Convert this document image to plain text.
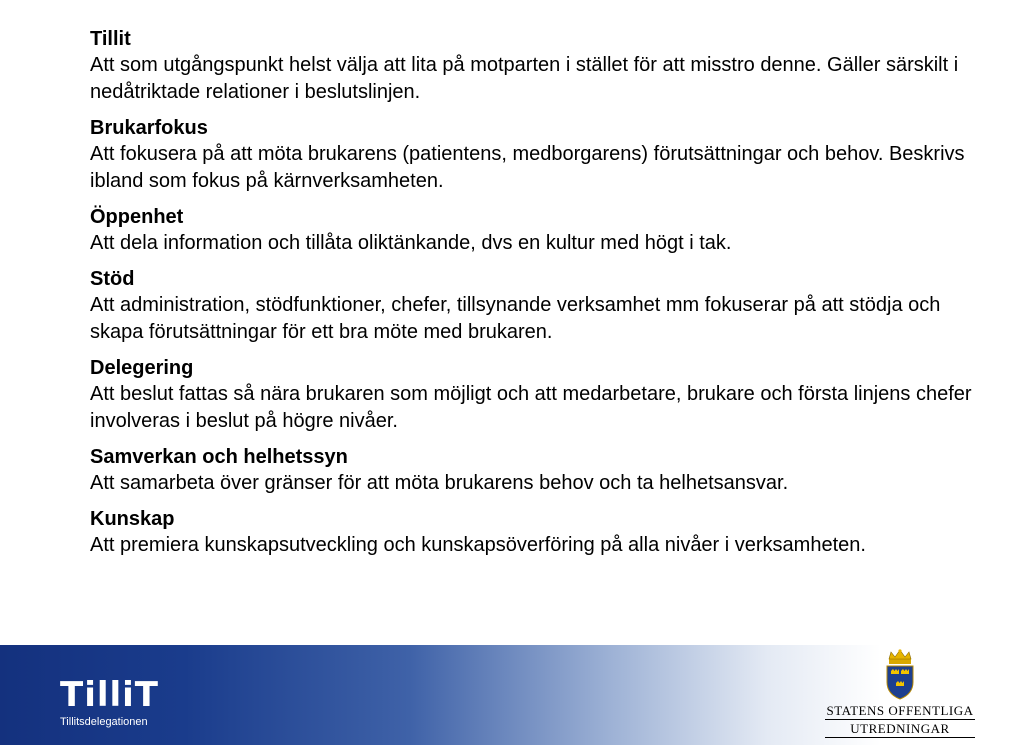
Tillit
Att som utgångspunkt helst välja att lita på motparten i stället för att misstro denne. Gäller särskilt i nedåtriktade relationer i beslutslinjen.
Brukarfokus
Att fokusera på att möta brukarens (patientens, medborgarens) förutsättningar och behov. Beskrivs ibland som fokus på kärnverksamheten.
Öppenhet
Att dela information och tillåta oliktänkande, dvs en kultur med högt i tak.
Stöd
Att administration, stödfunktioner, chefer, tillsynande verksamhet mm fokuserar på att stödja och skapa förutsättningar för ett bra möte med brukaren.
Delegering
Att beslut fattas så nära brukaren som möjligt och att medarbetare, brukare och första linjens chefer involveras i beslut på högre nivåer.
Samverkan och helhetssyn
Att samarbeta över gränser för att möta brukarens behov och ta helhetsansvar.
Kunskap
Att premiera kunskapsutveckling och kunskapsöverföring på alla nivåer i verksamheten.
TilliT
Tillitsdelegationen
STATENS OFFENTLIGA
UTREDNINGAR
